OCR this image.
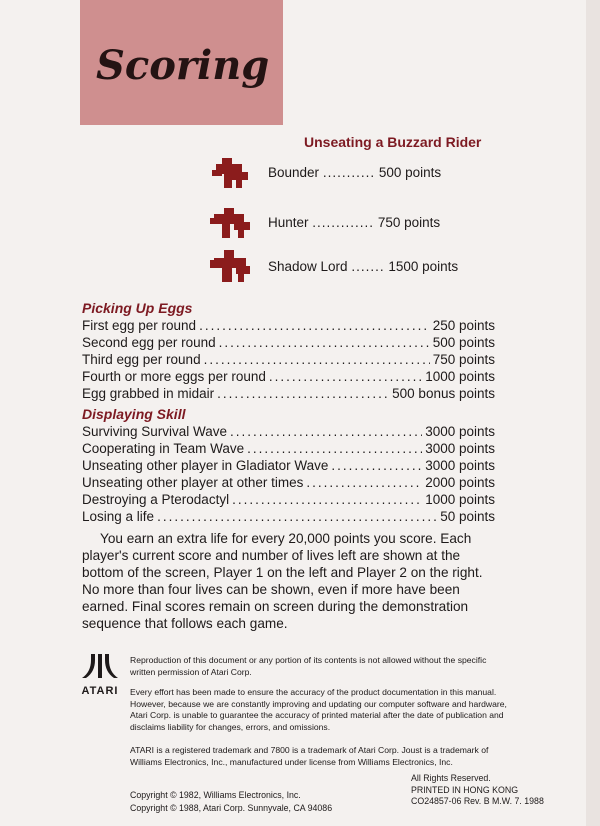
Scoring
Unseating a Buzzard Rider
Bounder ........... 500 points
Hunter ............. 750 points
Shadow Lord ....... 1500 points
Picking Up Eggs
First egg per round .....	250 points
Second egg per round .....	500 points
Third egg per round .....	750 points
Fourth or more eggs per round .....	1000 points
Egg grabbed in midair .....	500 bonus points
Displaying Skill
Surviving Survival Wave .....	3000 points
Cooperating in Team Wave .....	3000 points
Unseating other player in Gladiator Wave .....	3000 points
Unseating other player at other times .....	2000 points
Destroying a Pterodactyl .....	1000 points
Losing a life .....	50 points

You earn an extra life for every 20,000 points you score. Each player's current score and number of lives left are shown at the bottom of the screen, Player 1 on the left and Player 2 on the right. No more than four lives can be shown, even if more have been earned. Final scores remain on screen during the demonstration sequence that follows each game.

ATARI

Reproduction of this document or any portion of its contents is not allowed without the specific written permission of Atari Corp.

Every effort has been made to ensure the accuracy of the product documentation in this manual. However, because we are constantly improving and updating our computer software and hardware, Atari Corp. is unable to guarantee the accuracy of printed material after the date of publication and disclaims liability for changes, errors, and omissions.

ATARI is a registered trademark and 7800 is a trademark of Atari Corp. Joust is a trademark of Williams Electronics, Inc., manufactured under license from Williams Electronics, Inc.

Copyright © 1982, Williams Electronics, Inc.
Copyright © 1988, Atari Corp. Sunnyvale, CA 94086
All Rights Reserved.
PRINTED IN HONG KONG
CO24857-06 Rev. B M.W. 7. 1988
